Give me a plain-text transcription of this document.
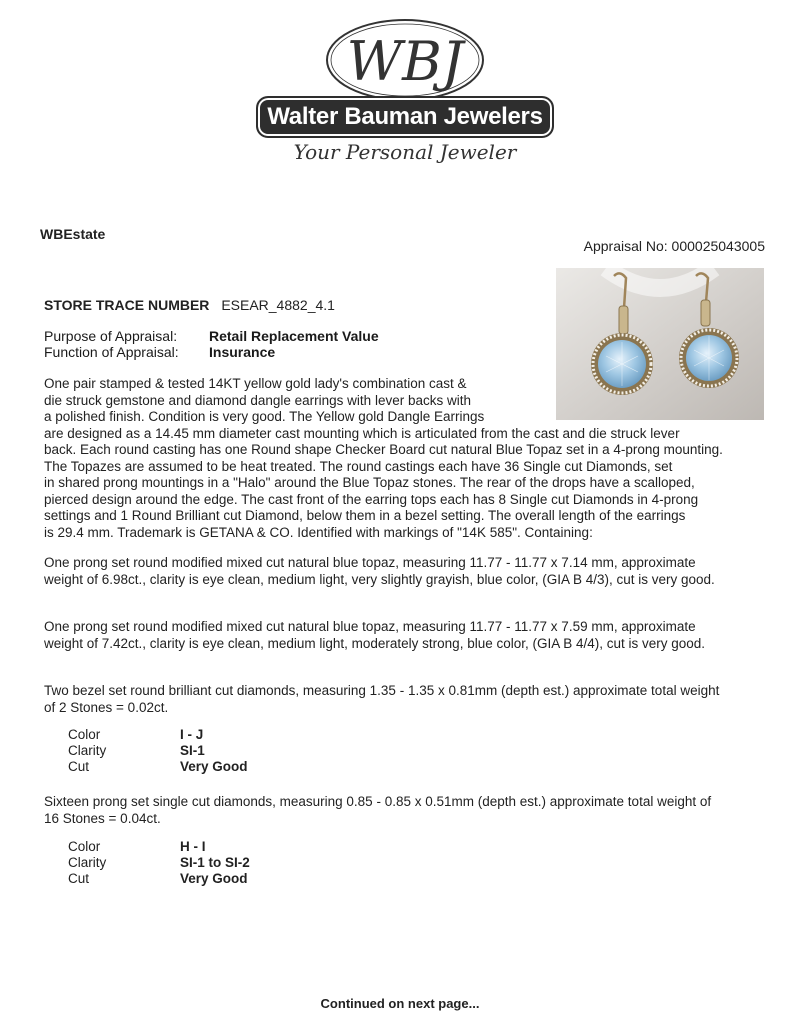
WBJ
Walter Bauman Jewelers
Your Personal Jeweler
WBEstate
Appraisal No: 000025043005
STORE TRACE NUMBER ESEAR_4882_4.1
Purpose of Appraisal:	Retail Replacement Value
Function of Appraisal:	Insurance
One pair stamped & tested 14KT yellow gold lady's combination cast &
die struck gemstone and diamond dangle earrings with lever backs with
a polished finish. Condition is very good. The Yellow gold Dangle Earrings
are designed as a 14.45 mm diameter cast mounting which is articulated from the cast and die struck lever
back. Each round casting has one Round shape Checker Board cut natural Blue Topaz set in a 4-prong mounting.
The Topazes are assumed to be heat treated. The round castings each have 36 Single cut Diamonds, set
in shared prong mountings in a "Halo" around the Blue Topaz stones. The rear of the drops have a scalloped,
pierced design around the edge. The cast front of the earring tops each has 8 Single cut Diamonds in 4-prong
settings and 1 Round Brilliant cut Diamond, below them in a bezel setting. The overall length of the earrings
is 29.4 mm. Trademark is GETANA & CO. Identified with markings of "14K 585". Containing:
One prong set round modified mixed cut natural blue topaz, measuring 11.77 - 11.77 x 7.14 mm, approximate weight of 6.98ct., clarity is eye clean, medium light, very slightly grayish, blue color, (GIA B 4/3), cut is very good.
One prong set round modified mixed cut natural blue topaz, measuring 11.77 - 11.77 x 7.59 mm, approximate weight of 7.42ct., clarity is eye clean, medium light, moderately strong, blue color, (GIA B 4/4), cut is very good.
Two bezel set round brilliant cut diamonds, measuring 1.35 - 1.35 x 0.81mm (depth est.) approximate total weight of 2 Stones = 0.02ct.
Color	I - J
Clarity	SI-1
Cut	Very Good
Sixteen prong set single cut diamonds, measuring 0.85 - 0.85 x 0.51mm (depth est.) approximate total weight of 16 Stones = 0.04ct.
Color	H - I
Clarity	SI-1 to SI-2
Cut	Very Good
Continued on next page...
